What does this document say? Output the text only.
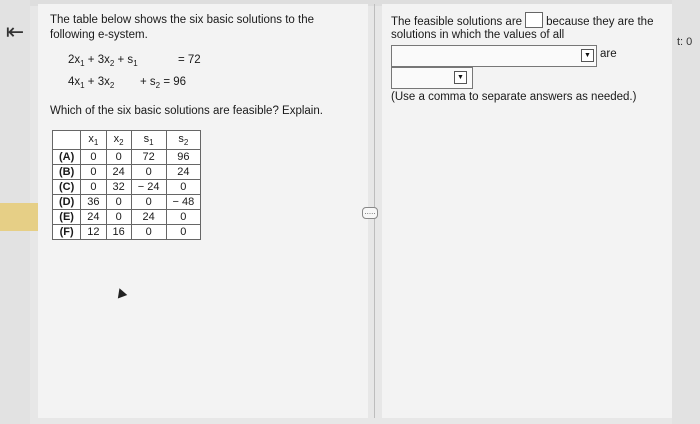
⇤
.....
t: 0
The table below shows the six basic solutions to the following e-system.
$2x_1 + 3x_2 + s_1$	= 72
$4x_1 + 3x_2 + s_2 = 96$
Which of the six basic solutions are feasible? Explain.
	$x_1$	$x_2$	$s_1$	$s_2$
(A)	0	0	72	96
(B)	0	24	0	24
(C)	0	32	− 24	0
(D)	36	0	0	− 48
(E)	24	0	24	0
(F)	12	16	0	0
The feasible solutions are because they are the
solutions in which the values of all
▼ are
▼
(Use a comma to separate answers as needed.)
